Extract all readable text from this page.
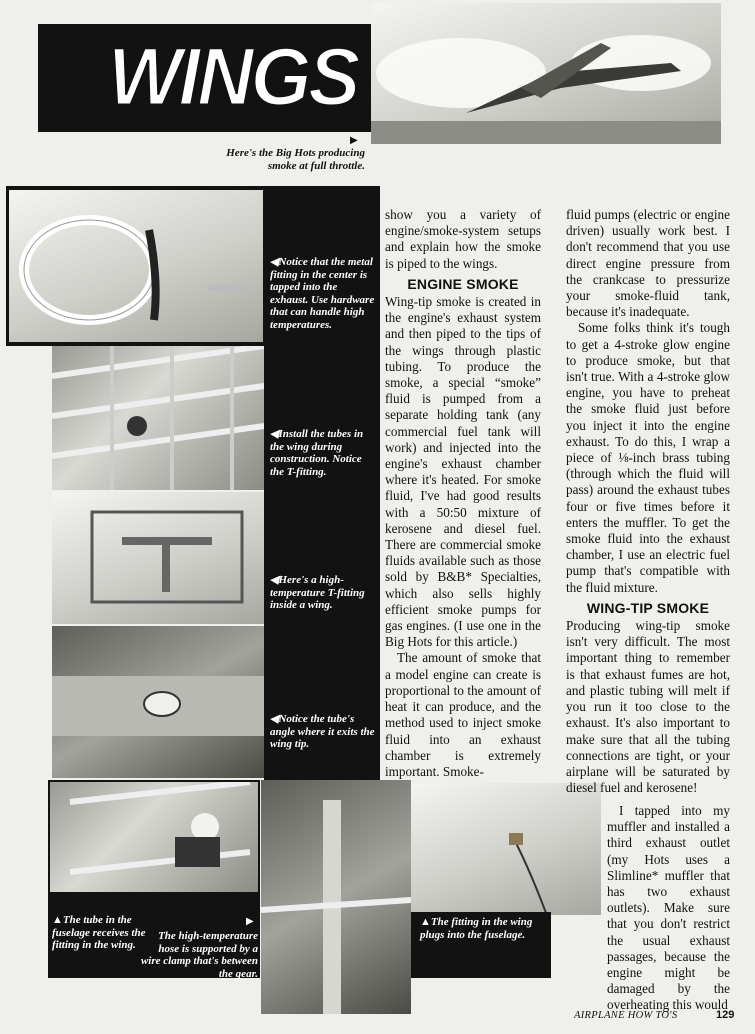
WINGS
▶
Here's the Big Hots producing smoke at full throttle.
◀Notice that the metal fitting in the center is tapped into the exhaust. Use hardware that can handle high temperatures.
◀Install the tubes in the wing during construction. Notice the T-fitting.
◀Here's a high-temperature T-fitting inside a wing.
◀Notice the tube's angle where it exits the wing tip.
▲The tube in the fuselage receives the fitting in the wing.
The high-temperature hose is supported by a wire clamp that's between the gear.
▶	▲The fitting in the wing plugs into the fuselage.

show you a variety of engine/smoke-system setups and explain how the smoke is piped to the wings.

ENGINE SMOKE

Wing-tip smoke is created in the engine's exhaust system and then piped to the tips of the wings through plastic tubing. To produce the smoke, a special “smoke” fluid is pumped from a separate holding tank (any commercial fuel tank will work) and injected into the engine's exhaust chamber where it's heated. For smoke fluid, I've had good results with a 50:50 mixture of kerosene and diesel fuel. There are commercial smoke fluids available such as those sold by B&B* Specialties, which also sells highly efficient smoke pumps for gas engines. (I use one in the Big Hots for this article.)

The amount of smoke that a model engine can create is proportional to the amount of heat it can produce, and the method used to inject smoke fluid into an exhaust chamber is extremely important. Smoke-

fluid pumps (electric or engine driven) usually work best. I don't recommend that you use direct engine pressure from the crankcase to pressurize your smoke-fluid tank, because it's inadequate.

Some folks think it's tough to get a 4-stroke glow engine to produce smoke, but that isn't true. With a 4-stroke glow engine, you have to preheat the smoke fluid just before you inject it into the engine exhaust. To do this, I wrap a piece of ⅛-inch brass tubing (through which the fluid will pass) around the exhaust tubes four or five times before it enters the muffler. To get the smoke fluid into the exhaust chamber, I use an electric fuel pump that's compatible with the fluid mixture.

WING-TIP SMOKE

Producing wing-tip smoke isn't very difficult. The most important thing to remember is that exhaust fumes are hot, and plastic tubing will melt if you run it too close to the exhaust. It's also important to make sure that all the tubing connections are tight, or your airplane will be saturated by diesel fuel and kerosene!

I tapped into my muffler and installed a third exhaust outlet (my Hots uses a Slimline* muffler that has two exhaust outlets). Make sure that you don't restrict the usual exhaust passages, because the engine might be damaged by the overheating this would

AIRPLANE HOW TO'S	129
